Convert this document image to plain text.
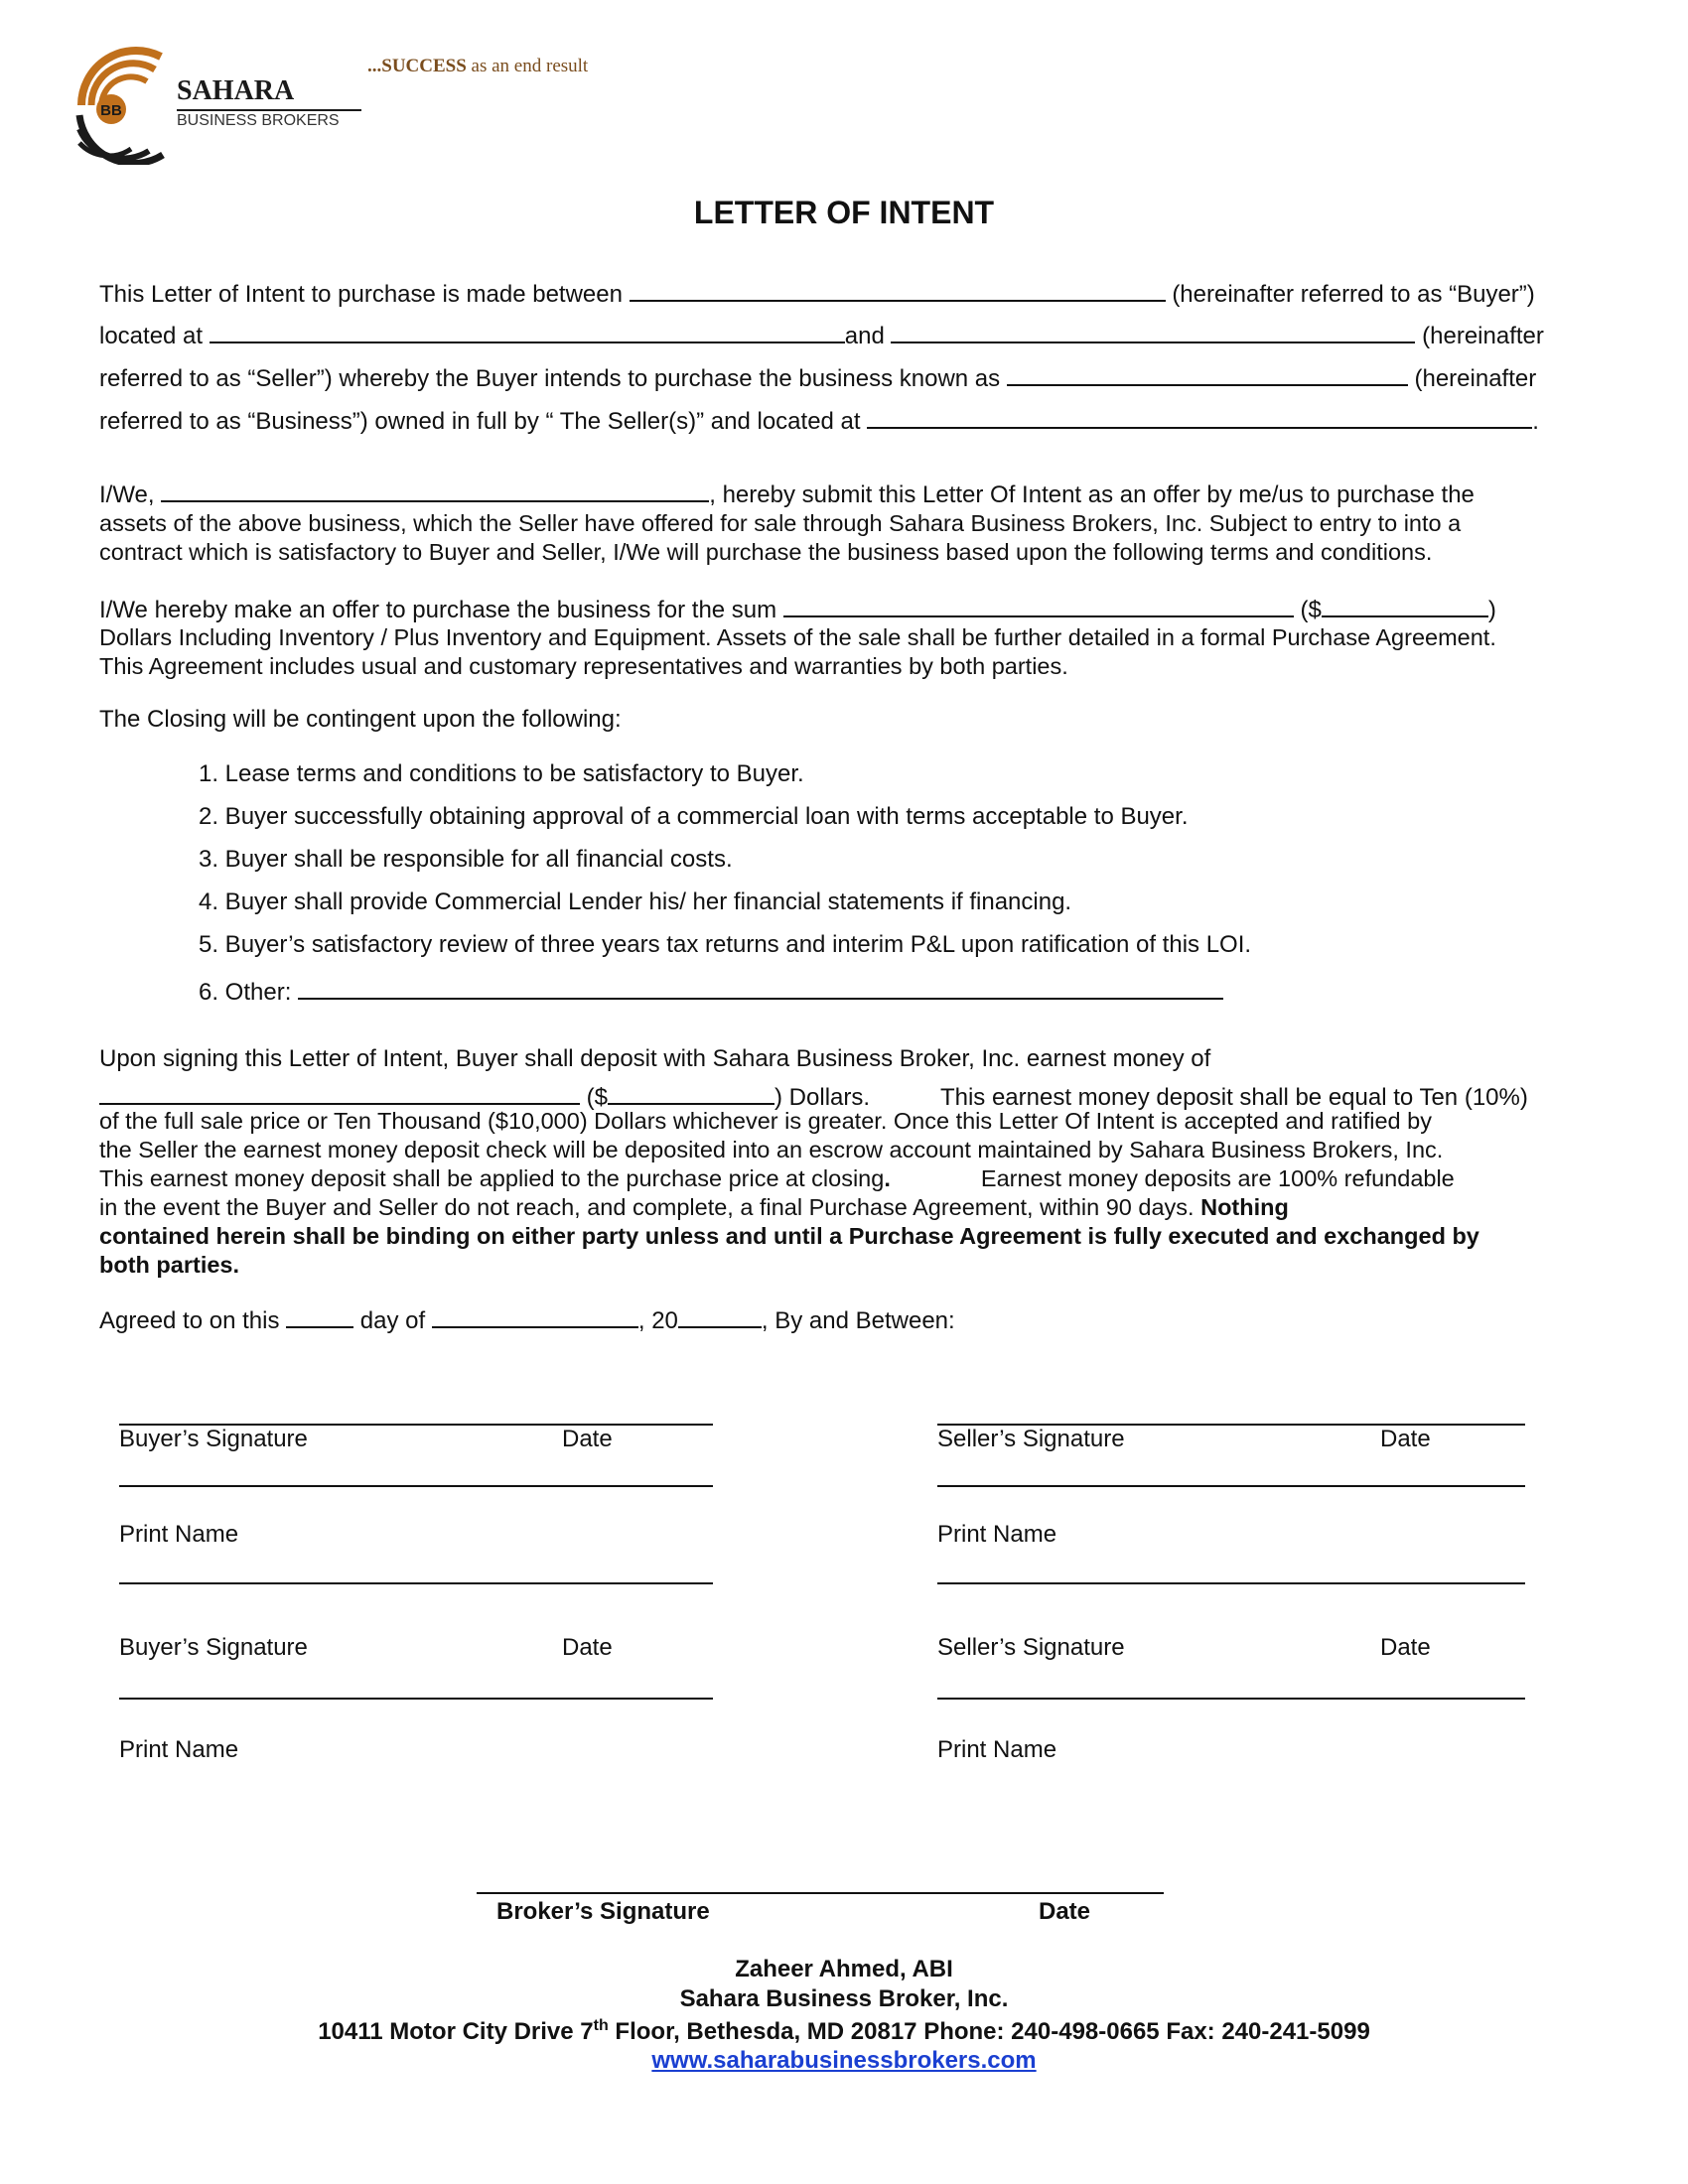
BB
SAHARA
BUSINESS BROKERS
...SUCCESS as an end result
LETTER OF INTENT
This Letter of Intent to purchase is made between	(hereinafter referred to as “Buyer”)
located at	and	(hereinafter
referred to as “Seller”) whereby the Buyer intends to purchase the business known as	(hereinafter
referred to as “Business”) owned in full by “ The Seller(s)” and located at	.
I/We,	, hereby submit this Letter Of Intent as an offer by me/us to purchase the
assets of the above business, which the Seller have offered for sale through Sahara Business Brokers, Inc. Subject to entry to into a
contract which is satisfactory to Buyer and Seller, I/We will purchase the business based upon the following terms and conditions.
I/We hereby make an offer to purchase the business for the sum	($	)
Dollars Including Inventory / Plus Inventory and Equipment. Assets of the sale shall be further detailed in a formal Purchase Agreement.
This Agreement includes usual and customary representatives and warranties by both parties.
The Closing will be contingent upon the following:
1. Lease terms and conditions to be satisfactory to Buyer.
2. Buyer successfully obtaining approval of a commercial loan with terms acceptable to Buyer.
3. Buyer shall be responsible for all financial costs.
4. Buyer shall provide Commercial Lender his/ her financial statements if financing.
5. Buyer’s satisfactory review of three years tax returns and interim P&L upon ratification of this LOI.
6. Other:
Upon signing this Letter of Intent, Buyer shall deposit with Sahara Business Broker, Inc. earnest money of
($	) Dollars.	This earnest money deposit shall be equal to Ten (10%)
of the full sale price or Ten Thousand ($10,000) Dollars whichever is greater. Once this Letter Of Intent is accepted and ratified by
the Seller the earnest money deposit check will be deposited into an escrow account maintained by Sahara Business Brokers, Inc.
This earnest money deposit shall be applied to the purchase price at closing.	Earnest money deposits are 100% refundable
in the event the Buyer and Seller do not reach, and complete, a final Purchase Agreement, within 90 days. Nothing
contained herein shall be binding on either party unless and until a Purchase Agreement is fully executed and exchanged by
both parties.
Agreed to on this	day of	, 20	, By and Between:
Buyer’s Signature	Date
Print Name
Buyer’s Signature	Date
Print Name
Seller’s Signature	Date
Print Name
Seller’s Signature	Date
Print Name
Broker’s Signature	Date
Zaheer Ahmed, ABI
Sahara Business Broker, Inc.
10411 Motor City Drive 7th Floor, Bethesda, MD 20817 Phone: 240-498-0665 Fax: 240-241-5099
www.saharabusinessbrokers.com
